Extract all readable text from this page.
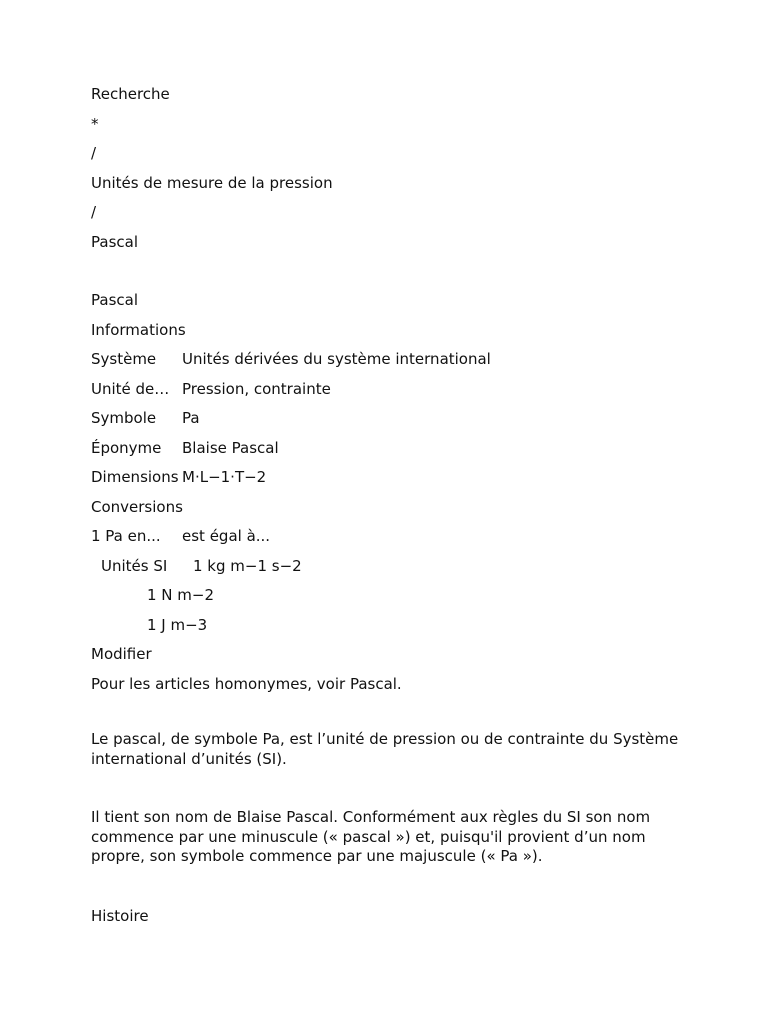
Recherche
*
/
Unités de mesure de la pression
/
Pascal
Pascal
Informations
Système	Unités dérivées du système international
Unité de… Pression, contrainte
Symbole	Pa
Éponyme	Blaise Pascal
Dimensions M·L−1·T−2
Conversions
1 Pa en...	est égal à...
Unités SI	1 kg m−1 s−2
1 N m−2
1 J m−3
Modifier
Pour les articles homonymes, voir Pascal.
Le pascal, de symbole Pa, est l’unité de pression ou de contrainte du Système international d’unités (SI).
Il tient son nom de Blaise Pascal. Conformément aux règles du SI son nom commence par une minuscule (« pascal ») et, puisqu'il provient d’un nom propre, son symbole commence par une majuscule (« Pa »).
Histoire
